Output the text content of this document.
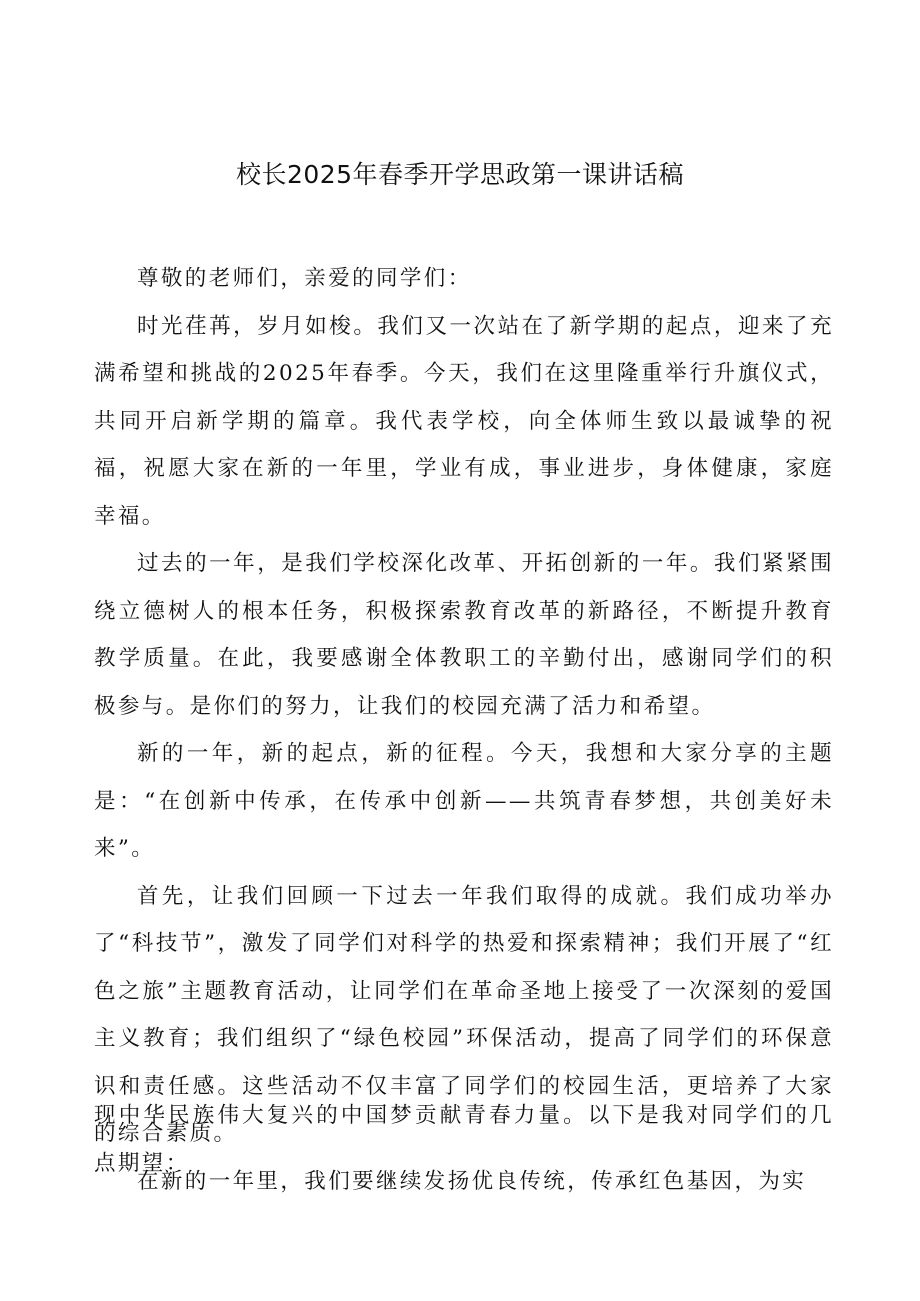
校长2025年春季开学思政第一课讲话稿

尊敬的老师们，亲爱的同学们：

时光荏苒，岁月如梭。我们又一次站在了新学期的起点，迎来了充满希望和挑战的2025年春季。今天，我们在这里隆重举行升旗仪式，共同开启新学期的篇章。我代表学校，向全体师生致以最诚挚的祝福，祝愿大家在新的一年里，学业有成，事业进步，身体健康，家庭幸福。

过去的一年，是我们学校深化改革、开拓创新的一年。我们紧紧围绕立德树人的根本任务，积极探索教育改革的新路径，不断提升教育教学质量。在此，我要感谢全体教职工的辛勤付出，感谢同学们的积极参与。是你们的努力，让我们的校园充满了活力和希望。

新的一年，新的起点，新的征程。今天，我想和大家分享的主题是：“在创新中传承，在传承中创新——共筑青春梦想，共创美好未来”。

首先，让我们回顾一下过去一年我们取得的成就。我们成功举办了“科技节”，激发了同学们对科学的热爱和探索精神；我们开展了“红色之旅”主题教育活动，让同学们在革命圣地上接受了一次深刻的爱国主义教育；我们组织了“绿色校园”环保活动，提高了同学们的环保意识和责任感。这些活动不仅丰富了同学们的校园生活，更培养了大家的综合素质。

在新的一年里，我们要继续发扬优良传统，传承红色基因，为实

现中华民族伟大复兴的中国梦贡献青春力量。以下是我对同学们的几点期望：
